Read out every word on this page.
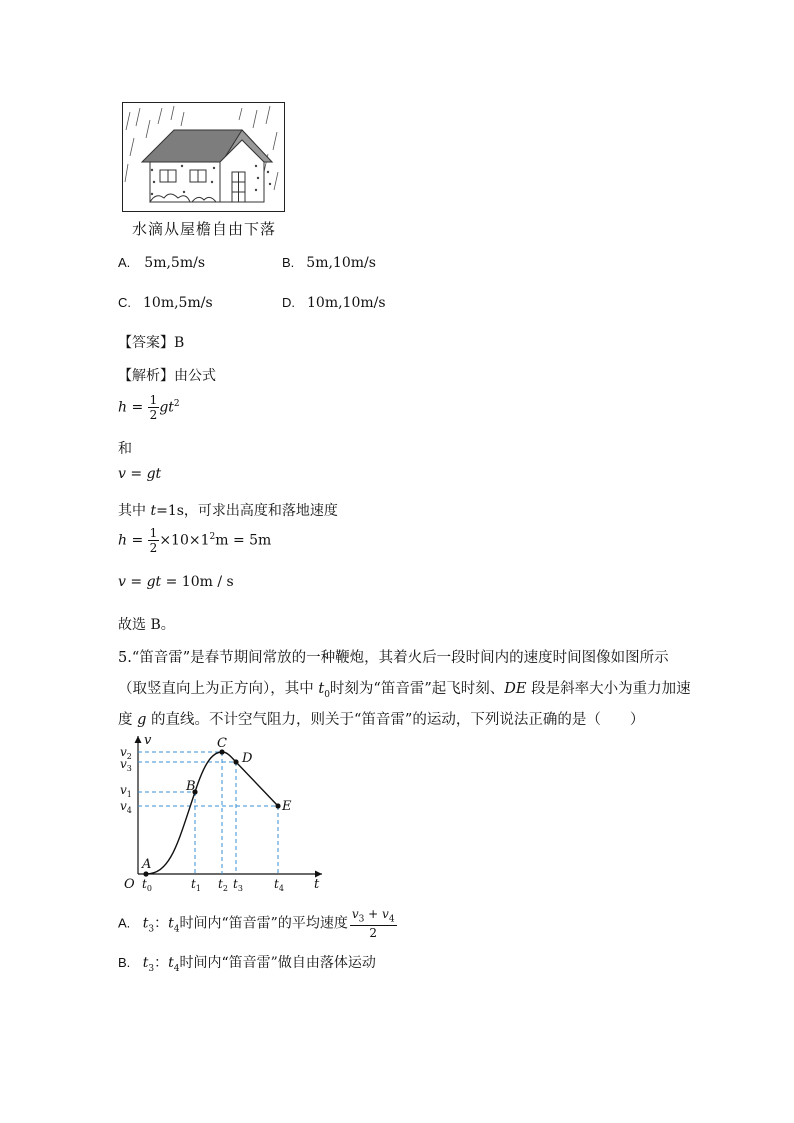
水滴从屋檐自由下落
A. 5m,5m/s	B. 5m,10m/s
C. 10m,5m/s	D. 10m,10m/s
【答案】B
【解析】由公式
$h = \frac{1}{2} gt^2$
和
v = gt
其中 t=1s，可求出高度和落地速度
$h = \frac{1}{2} \times 10\times 1^2m = 5m$
v = gt = 10m / s
故选 B。
5.“笛音雷”是春节期间常放的一种鞭炮，其着火后一段时间内的速度时间图像如图所示
（取竖直向上为正方向），其中 $t_0$时刻为“笛音雷”起飞时刻、DE 段是斜率大小为重力加速
度 g 的直线。不计空气阻力，则关于“笛音雷”的运动，下列说法正确的是（　　）
v
t
O
A
B
C
D
E
$v_2$
$v_3$
$v_1$
$v_4$
$t_0$	$t_1$ $t_2$ $t_3$	$t_4$
A. $t_3$：$t_4$时间内“笛音雷”的平均速度 $\frac{v_3 + v_4}{2}$
B. $t_3$：$t_4$时间内“笛音雷”做自由落体运动
